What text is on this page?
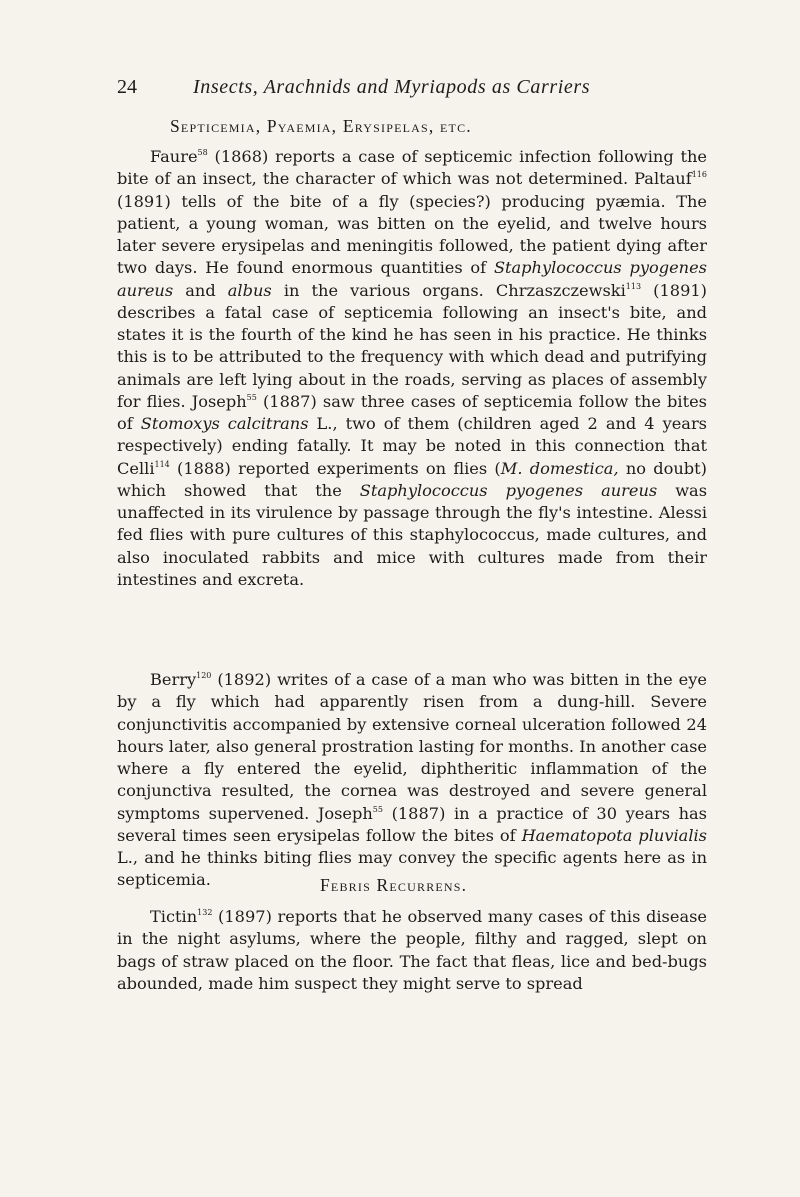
24	Insects, Arachnids and Myriapods as Carriers
Septicemia, Pyaemia, Erysipelas, etc.

Faure$^{58}$ (1868) reports a case of septicemic infection following the bite of an insect, the character of which was not determined. Paltauf$^{116}$ (1891) tells of the bite of a fly (species?) producing pyæmia. The patient, a young woman, was bitten on the eyelid, and twelve hours later severe erysipelas and meningitis followed, the patient dying after two days. He found enormous quantities of Staphylococcus pyogenes aureus and albus in the various organs. Chrzaszczewski$^{113}$ (1891) describes a fatal case of septicemia following an insect's bite, and states it is the fourth of the kind he has seen in his practice. He thinks this is to be attributed to the frequency with which dead and putrifying animals are left lying about in the roads, serving as places of assembly for flies. Joseph$^{55}$ (1887) saw three cases of septicemia follow the bites of Stomoxys calcitrans L., two of them (children aged 2 and 4 years respectively) ending fatally. It may be noted in this connection that Celli$^{114}$ (1888) reported experiments on flies (M. domestica, no doubt) which showed that the Staphylococcus pyogenes aureus was unaffected in its virulence by passage through the fly's intestine. Alessi fed flies with pure cultures of this staphylococcus, made cultures, and also inoculated rabbits and mice with cultures made from their intestines and excreta.

Berry$^{120}$ (1892) writes of a case of a man who was bitten in the eye by a fly which had apparently risen from a dung-hill. Severe conjunctivitis accompanied by extensive corneal ulceration followed 24 hours later, also general prostration lasting for months. In another case where a fly entered the eyelid, diphtheritic inflammation of the conjunctiva resulted, the cornea was destroyed and severe general symptoms supervened. Joseph$^{55}$ (1887) in a practice of 30 years has several times seen erysipelas follow the bites of Haematopota pluvialis L., and he thinks biting flies may convey the specific agents here as in septicemia.	Febris Recurrens.

Tictin$^{132}$ (1897) reports that he observed many cases of this disease in the night asylums, where the people, filthy and ragged, slept on bags of straw placed on the floor. The fact that fleas, lice and bed-bugs abounded, made him suspect they might serve to spread
